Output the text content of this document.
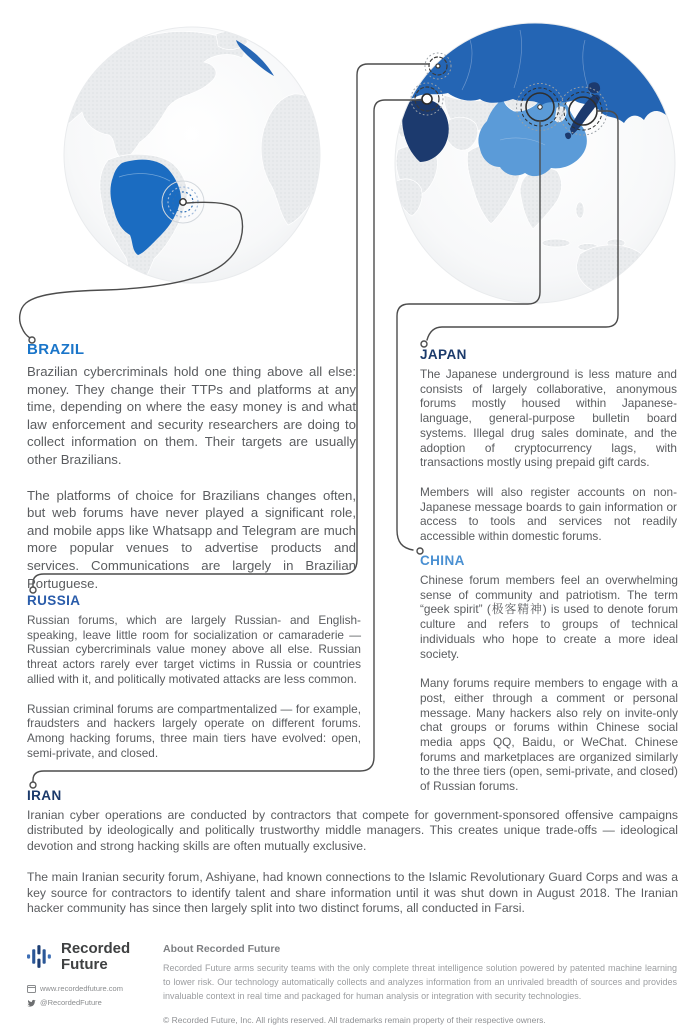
BRAZIL

Brazilian cybercriminals hold one thing above all else: money. They change their TTPs and platforms at any time, depending on where the easy money is and what law enforcement and security researchers are doing to collect information on them. Their targets are usually other Brazilians.

The platforms of choice for Brazilians changes often, but web forums have never played a significant role, and mobile apps like Whatsapp and Telegram are much more popular venues to advertise products and services. Communications are largely in Brazilian Portuguese.

JAPAN

The Japanese underground is less mature and consists of largely collaborative, anonymous forums mostly housed within Japanese-language, general-purpose bulletin board systems. Illegal drug sales dominate, and the adoption of cryptocurrency lags, with transactions mostly using prepaid gift cards.

Members will also register accounts on non-Japanese message boards to gain information or access to tools and services not readily accessible within domestic forums.

RUSSIA

Russian forums, which are largely Russian- and English-speaking, leave little room for socialization or camaraderie — Russian cybercriminals value money above all else. Russian threat actors rarely ever target victims in Russia or countries allied with it, and politically motivated attacks are less common.

Russian criminal forums are compartmentalized — for example, fraudsters and hackers largely operate on different forums. Among hacking forums, three main tiers have evolved: open, semi-private, and closed.

CHINA

Chinese forum members feel an overwhelming sense of community and patriotism. The term “geek spirit” (极客精神) is used to denote forum culture and refers to groups of technical individuals who hope to create a more ideal society.

Many forums require members to engage with a post, either through a comment or personal message. Many hackers also rely on invite-only chat groups or forums within Chinese social media apps QQ, Baidu, or WeChat. Chinese forums and marketplaces are organized similarly to the three tiers (open, semi-private, and closed) of Russian forums.

IRAN

Iranian cyber operations are conducted by contractors that compete for government-sponsored offensive campaigns distributed by ideologically and politically trustworthy middle managers. This creates unique trade-offs — ideological devotion and strong hacking skills are often mutually exclusive.

The main Iranian security forum, Ashiyane, had known connections to the Islamic Revolutionary Guard Corps and was a key source for contractors to identify talent and share information until it was shut down in August 2018. The Iranian hacker community has since then largely split into two distinct forums, all conducted in Farsi.

Recorded
Future
www.recordedfuture.com
@RecordedFuture
About Recorded Future
Recorded Future arms security teams with the only complete threat intelligence solution powered by patented machine learning to lower risk. Our technology automatically collects and analyzes information from an unrivaled breadth of sources and provides invaluable context in real time and packaged for human analysis or integration with security technologies.
© Recorded Future, Inc. All rights reserved. All trademarks remain property of their respective owners.
